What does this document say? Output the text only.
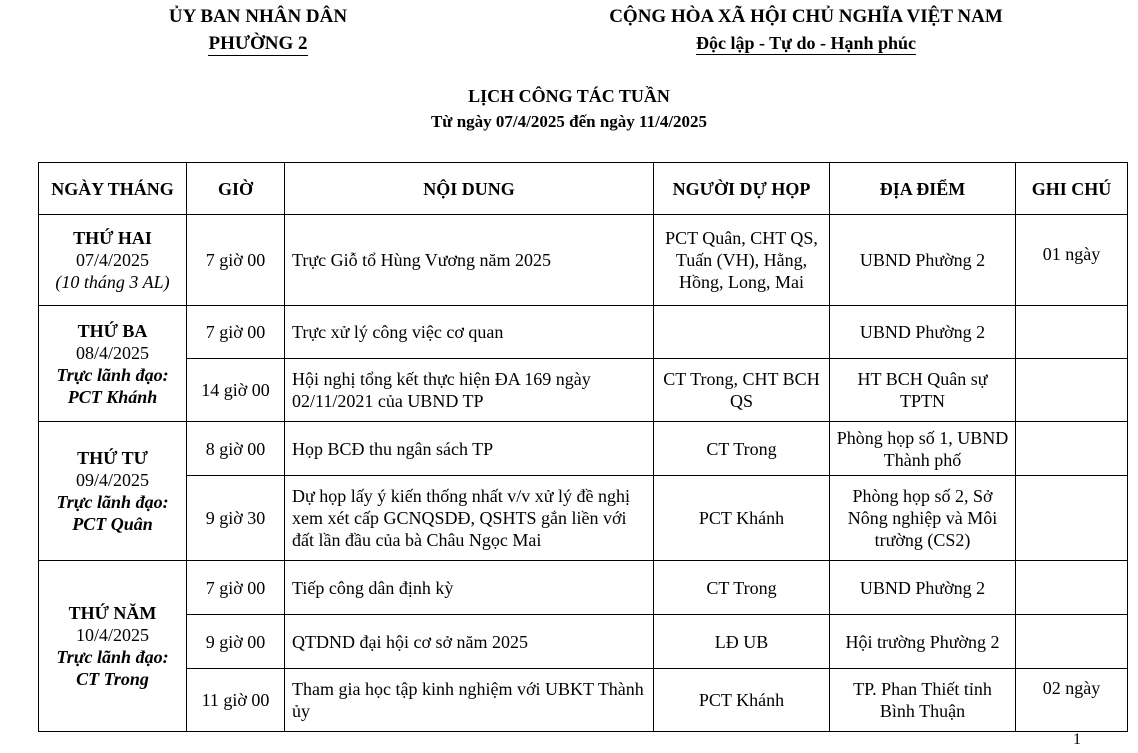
ỦY BAN NHÂN DÂN
PHƯỜNG 2
CỘNG HÒA XÃ HỘI CHỦ NGHĨA VIỆT NAM
Độc lập - Tự do - Hạnh phúc
LỊCH CÔNG TÁC TUẦN
Từ ngày 07/4/2025 đến ngày 11/4/2025
NGÀY THÁNG	GIỜ	NỘI DUNG	NGƯỜI DỰ HỌP	ĐỊA ĐIỂM	GHI CHÚ

THỨ HAI
07/4/2025
(10 tháng 3 AL)	7 giờ 00	Trực Giỗ tổ Hùng Vương năm 2025	PCT Quân, CHT QS, Tuấn (VH), Hằng, Hồng, Long, Mai	UBND Phường 2	01 ngày

THỨ BA
08/4/2025
Trực lãnh đạo:
PCT Khánh	7 giờ 00	Trực xử lý công việc cơ quan		UBND Phường 2	
	14 giờ 00	Hội nghị tổng kết thực hiện ĐA 169 ngày 02/11/2021 của UBND TP	CT Trong, CHT BCH QS	HT BCH Quân sự TPTN	

THỨ TƯ
09/4/2025
Trực lãnh đạo:
PCT Quân	8 giờ 00	Họp BCĐ thu ngân sách TP	CT Trong	Phòng họp số 1, UBND Thành phố	
	9 giờ 30	Dự họp lấy ý kiến thống nhất v/v xử lý đề nghị xem xét cấp GCNQSDĐ, QSHTS gắn liền với đất lần đầu của bà Châu Ngọc Mai	PCT Khánh	Phòng họp số 2, Sở Nông nghiệp và Môi trường (CS2)	

THỨ NĂM
10/4/2025
Trực lãnh đạo:
CT Trong	7 giờ 00	Tiếp công dân định kỳ	CT Trong	UBND Phường 2	
	9 giờ 00	QTDND đại hội cơ sở năm 2025	LĐ UB	Hội trường Phường 2	
	11 giờ 00	Tham gia học tập kinh nghiệm với UBKT Thành ủy	PCT Khánh	TP. Phan Thiết tỉnh Bình Thuận	02 ngày
1
